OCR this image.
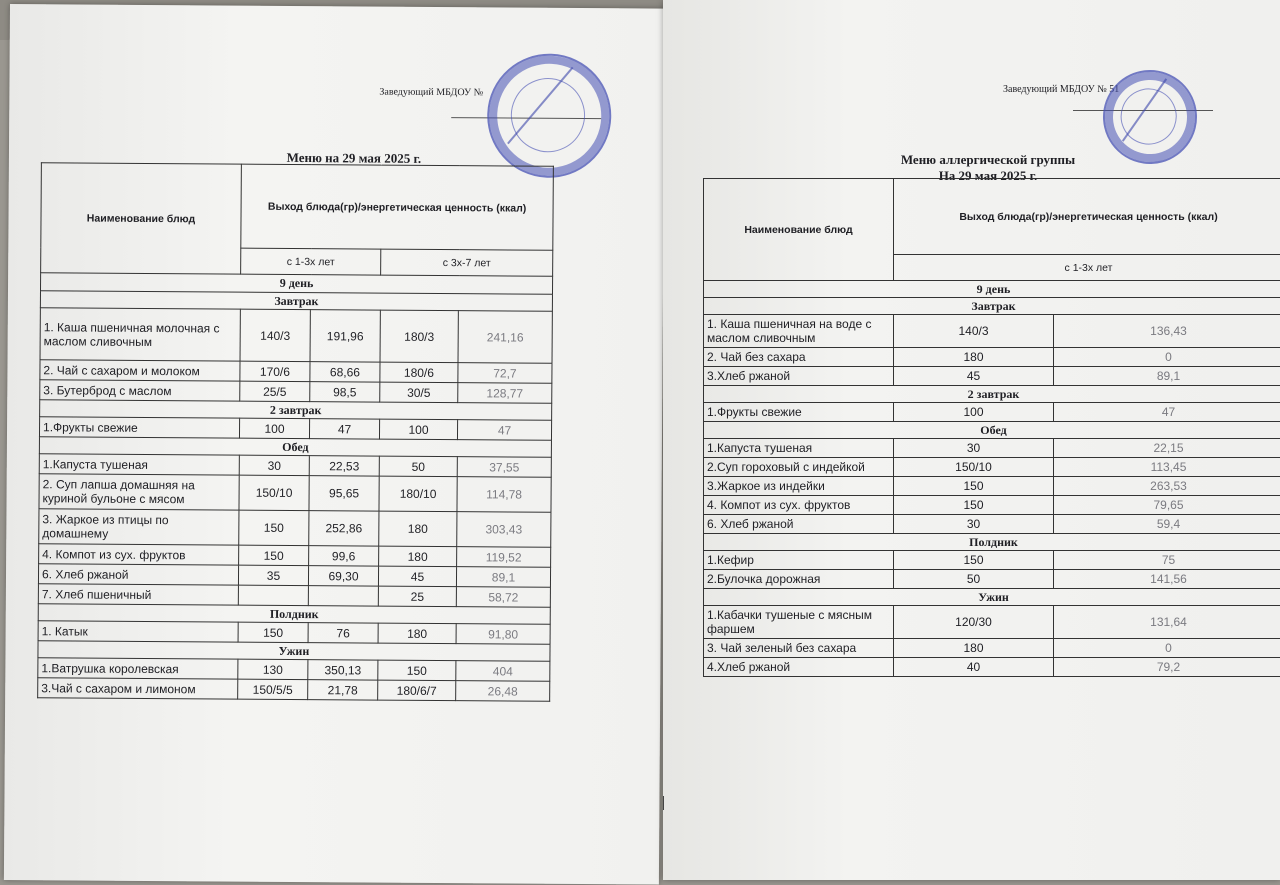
Заведующий МБДОУ №
Меню на 29 мая 2025 г.
Наименование блюд	Выход блюда(гр)/энергетическая ценность (ккал)			
	с 1-3х лет		с 3х-7 лет	
9 день				
Завтрак				
1. Каша пшеничная молочная с маслом сливочным	140/3	191,96	180/3	241,16
2. Чай с сахаром и молоком	170/6	68,66	180/6	72,7
3. Бутерброд с маслом	25/5	98,5	30/5	128,77
2 завтрак				
1.Фрукты свежие	100	47	100	47
Обед				
1.Капуста тушеная	30	22,53	50	37,55
2. Суп лапша домашняя на куриной бульоне с мясом	150/10	95,65	180/10	114,78
3. Жаркое из птицы по домашнему	150	252,86	180	303,43
4. Компот из сух. фруктов	150	99,6	180	119,52
6. Хлеб ржаной	35	69,30	45	89,1
7. Хлеб пшеничный			25	58,72
Полдник				
1. Катык	150	76	180	91,80
Ужин				
1.Ватрушка королевская	130	350,13	150	404
3.Чай с сахаром и лимоном	150/5/5	21,78	180/6/7	26,48
Заведующий МБДОУ № 51
Меню аллергической группы
На 29 мая 2025 г.
Наименование блюд	Выход блюда(гр)/энергетическая ценность (ккал)	
	с 1-3х лет	
9 день		
Завтрак		
1. Каша пшеничная на воде с маслом сливочным	140/3	136,43
2. Чай без сахара	180	0
3.Хлеб ржаной	45	89,1
2 завтрак		
1.Фрукты свежие	100	47
Обед		
1.Капуста тушеная	30	22,15
2.Суп гороховый с индейкой	150/10	113,45
3.Жаркое из индейки	150	263,53
4. Компот из сух. фруктов	150	79,65
6. Хлеб ржаной	30	59,4
Полдник		
1.Кефир	150	75
2.Булочка дорожная	50	141,56
Ужин		
1.Кабачки тушеные с мясным фаршем	120/30	131,64
3. Чай зеленый без сахара	180	0
4.Хлеб ржаной	40	79,2
